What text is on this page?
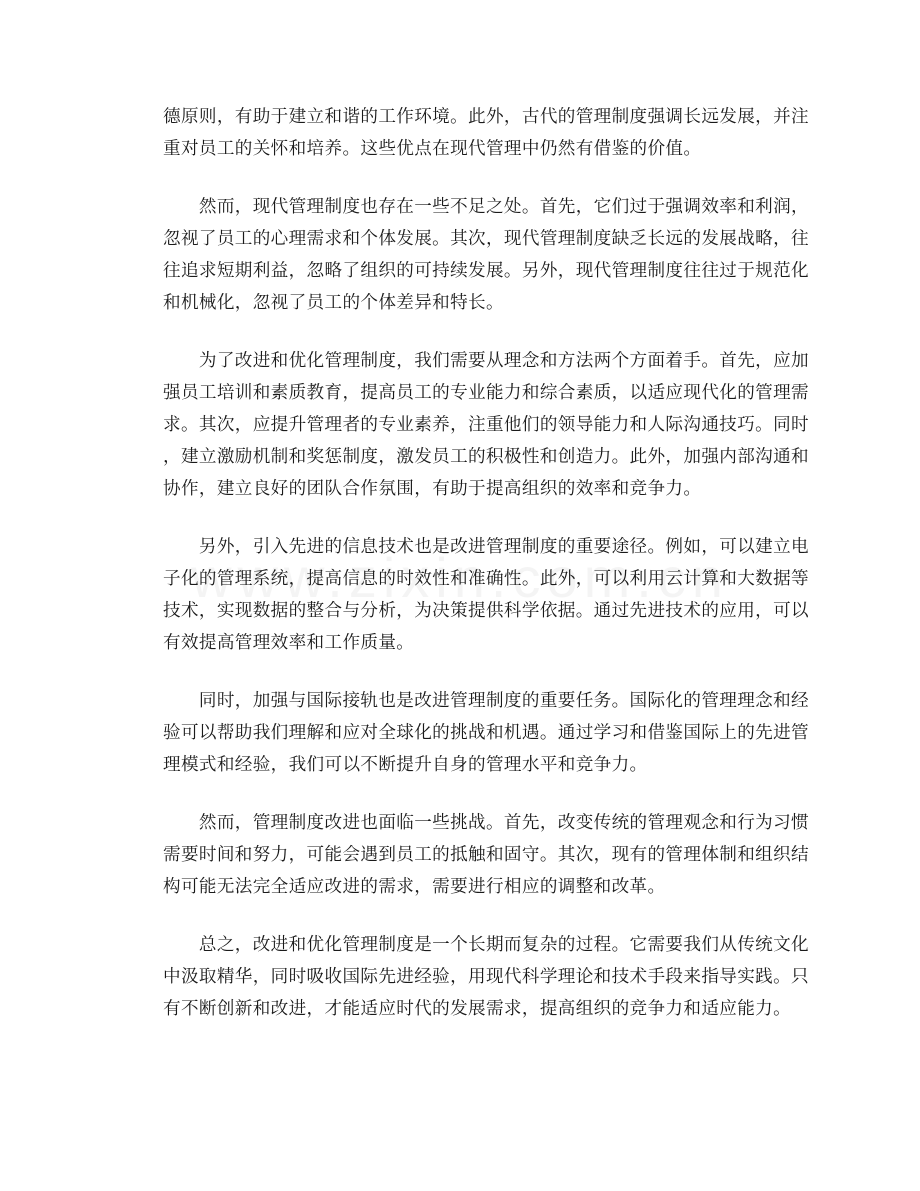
德原则，有助于建立和谐的工作环境。此外，古代的管理制度强调长远发展，并注
重对员工的关怀和培养。这些优点在现代管理中仍然有借鉴的价值。

　　然而，现代管理制度也存在一些不足之处。首先，它们过于强调效率和利润，
忽视了员工的心理需求和个体发展。其次，现代管理制度缺乏长远的发展战略，往
往追求短期利益，忽略了组织的可持续发展。另外，现代管理制度往往过于规范化
和机械化，忽视了员工的个体差异和特长。

　　为了改进和优化管理制度，我们需要从理念和方法两个方面着手。首先，应加
强员工培训和素质教育，提高员工的专业能力和综合素质，以适应现代化的管理需
求。其次，应提升管理者的专业素养，注重他们的领导能力和人际沟通技巧。同时
，建立激励机制和奖惩制度，激发员工的积极性和创造力。此外，加强内部沟通和
协作，建立良好的团队合作氛围，有助于提高组织的效率和竞争力。

　　另外，引入先进的信息技术也是改进管理制度的重要途径。例如，可以建立电
子化的管理系统，提高信息的时效性和准确性。此外，可以利用云计算和大数据等
技术，实现数据的整合与分析，为决策提供科学依据。通过先进技术的应用，可以
有效提高管理效率和工作质量。

　　同时，加强与国际接轨也是改进管理制度的重要任务。国际化的管理理念和经
验可以帮助我们理解和应对全球化的挑战和机遇。通过学习和借鉴国际上的先进管
理模式和经验，我们可以不断提升自身的管理水平和竞争力。

　　然而，管理制度改进也面临一些挑战。首先，改变传统的管理观念和行为习惯
需要时间和努力，可能会遇到员工的抵触和固守。其次，现有的管理体制和组织结
构可能无法完全适应改进的需求，需要进行相应的调整和改革。

　　总之，改进和优化管理制度是一个长期而复杂的过程。它需要我们从传统文化
中汲取精华，同时吸收国际先进经验，用现代科学理论和技术手段来指导实践。只
有不断创新和改进，才能适应时代的发展需求，提高组织的竞争力和适应能力。
